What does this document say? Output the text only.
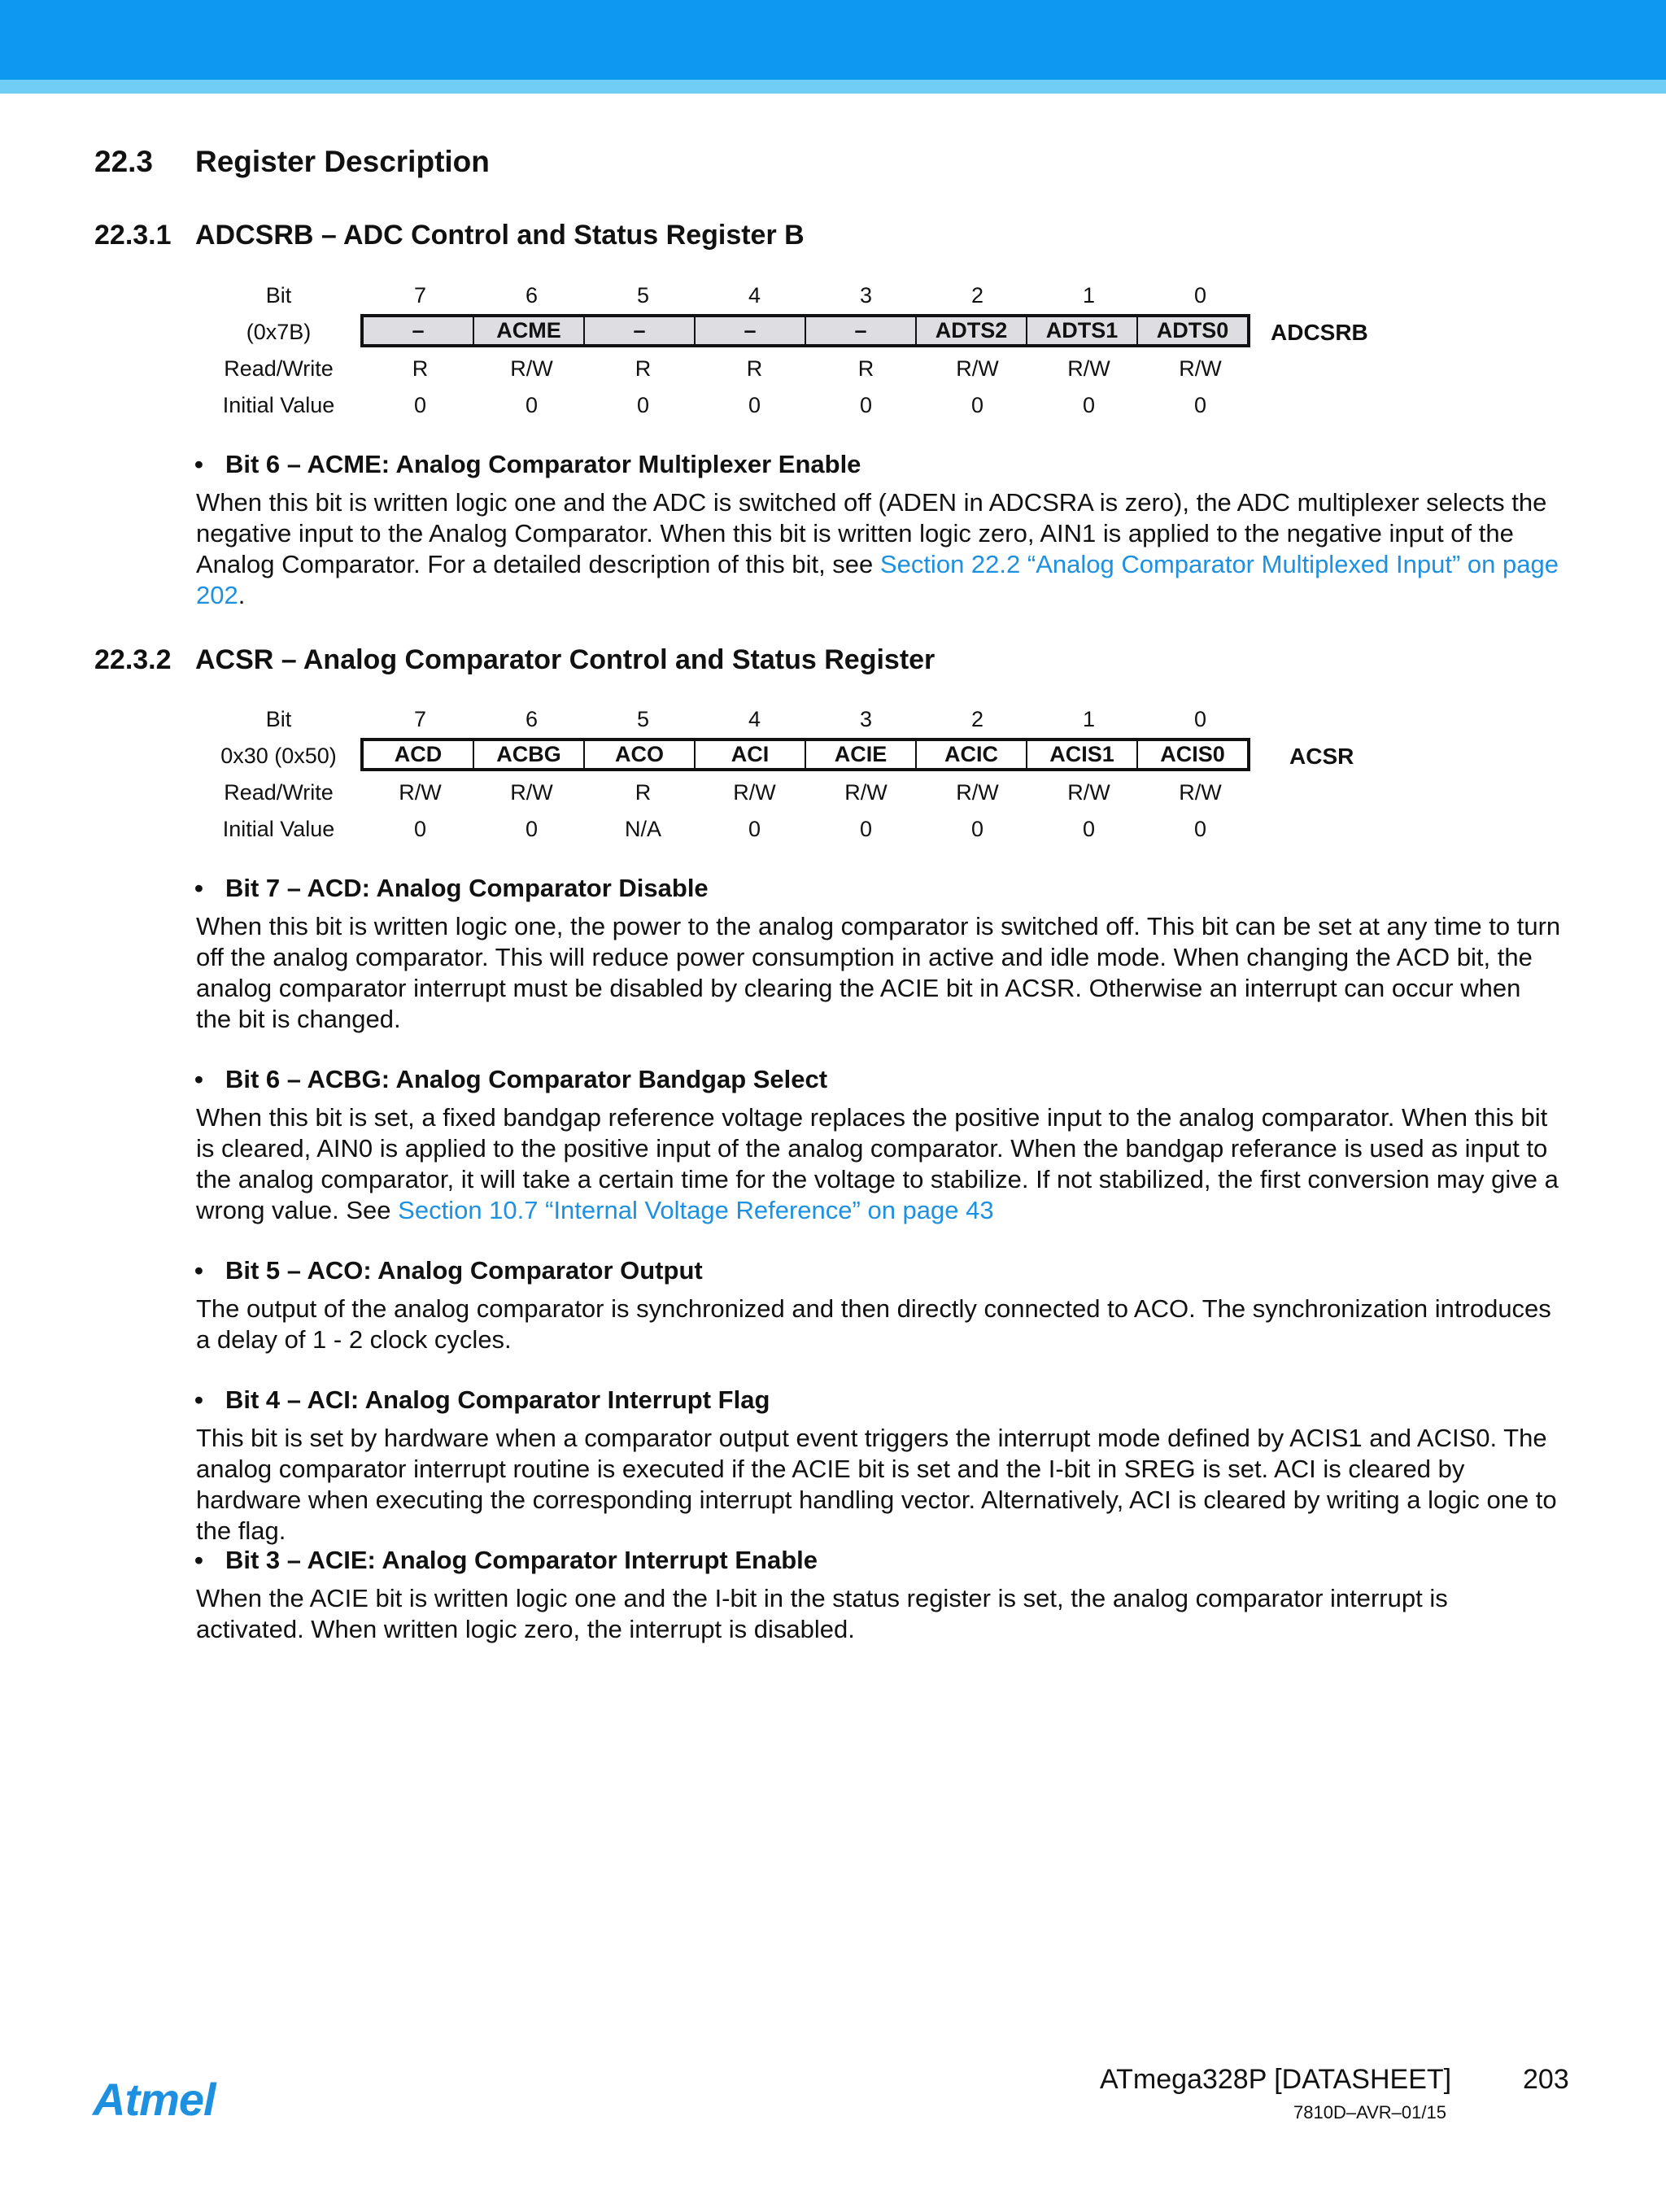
22.3 Register Description
22.3.1 ADCSRB – ADC Control and Status Register B
Bit	7	6	5	4	3	2	1	0
(0x7B)	–	ACME	–	–	–	ADTS2	ADTS1	ADTS0	ADCSRB
Read/Write	R	R/W	R	R	R	R/W	R/W	R/W
Initial Value	0	0	0	0	0	0	0	0
• Bit 6 – ACME: Analog Comparator Multiplexer Enable
When this bit is written logic one and the ADC is switched off (ADEN in ADCSRA is zero), the ADC multiplexer selects the negative input to the Analog Comparator. When this bit is written logic zero, AIN1 is applied to the negative input of the Analog Comparator. For a detailed description of this bit, see Section 22.2 “Analog Comparator Multiplexed Input” on page 202.
22.3.2 ACSR – Analog Comparator Control and Status Register
Bit	7	6	5	4	3	2	1	0
0x30 (0x50)	ACD	ACBG	ACO	ACI	ACIE	ACIC	ACIS1	ACIS0	ACSR
Read/Write	R/W	R/W	R	R/W	R/W	R/W	R/W	R/W
Initial Value	0	0	N/A	0	0	0	0	0
• Bit 7 – ACD: Analog Comparator Disable
When this bit is written logic one, the power to the analog comparator is switched off. This bit can be set at any time to turn off the analog comparator. This will reduce power consumption in active and idle mode. When changing the ACD bit, the analog comparator interrupt must be disabled by clearing the ACIE bit in ACSR. Otherwise an interrupt can occur when the bit is changed.
• Bit 6 – ACBG: Analog Comparator Bandgap Select
When this bit is set, a fixed bandgap reference voltage replaces the positive input to the analog comparator. When this bit is cleared, AIN0 is applied to the positive input of the analog comparator. When the bandgap referance is used as input to the analog comparator, it will take a certain time for the voltage to stabilize. If not stabilized, the first conversion may give a wrong value. See Section 10.7 “Internal Voltage Reference” on page 43
• Bit 5 – ACO: Analog Comparator Output
The output of the analog comparator is synchronized and then directly connected to ACO. The synchronization introduces a delay of 1 - 2 clock cycles.
• Bit 4 – ACI: Analog Comparator Interrupt Flag
This bit is set by hardware when a comparator output event triggers the interrupt mode defined by ACIS1 and ACIS0. The analog comparator interrupt routine is executed if the ACIE bit is set and the I-bit in SREG is set. ACI is cleared by hardware when executing the corresponding interrupt handling vector. Alternatively, ACI is cleared by writing a logic one to the flag.
• Bit 3 – ACIE: Analog Comparator Interrupt Enable
When the ACIE bit is written logic one and the I-bit in the status register is set, the analog comparator interrupt is activated. When written logic zero, the interrupt is disabled.
Atmel	ATmega328P [DATASHEET]	203
7810D–AVR–01/15
